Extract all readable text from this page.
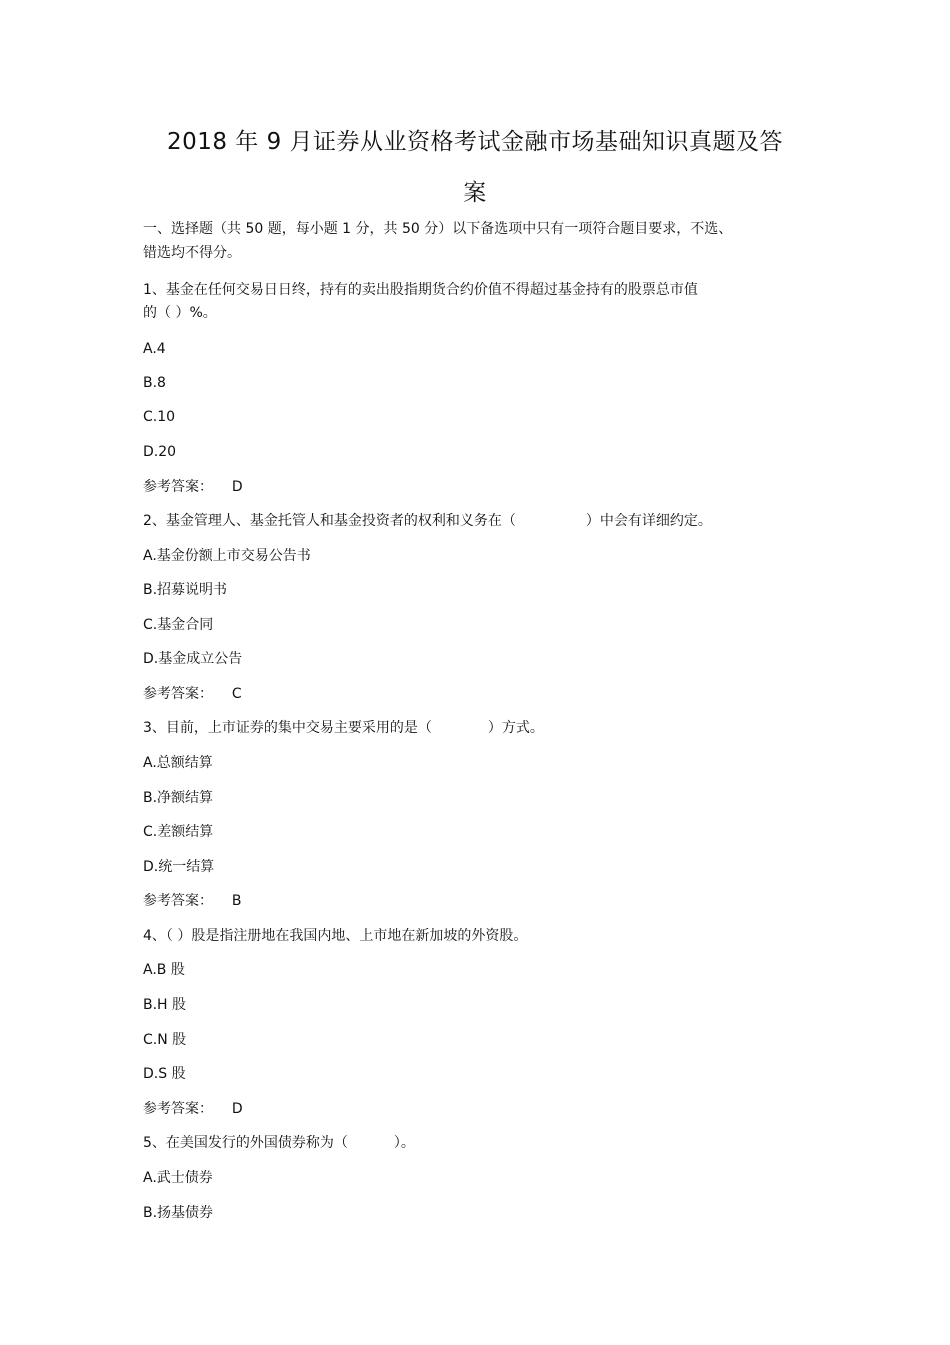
2018 年 9 月证券从业资格考试金融市场基础知识真题及答
案
一、选择题（共 50 题，每小题 1 分，共 50 分）以下备选项中只有一项符合题目要求，不选、
错选均不得分。
1、基金在任何交易日日终，持有的卖出股指期货合约价值不得超过基金持有的股票总市值
的（ ）%。
A.4
B.8
C.10
D.20
参考答案： D
2、基金管理人、基金托管人和基金投资者的权利和义务在（	）中会有详细约定。
A.基金份额上市交易公告书
B.招募说明书
C.基金合同
D.基金成立公告
参考答案： C
3、目前，上市证券的集中交易主要采用的是（	）方式。
A.总额结算
B.净额结算
C.差额结算
D.统一结算
参考答案： B
4、（ ）股是指注册地在我国内地、上市地在新加坡的外资股。
A.B 股
B.H 股
C.N 股
D.S 股
参考答案： D
5、在美国发行的外国债券称为（	）。
A.武士债券
B.扬基债券
